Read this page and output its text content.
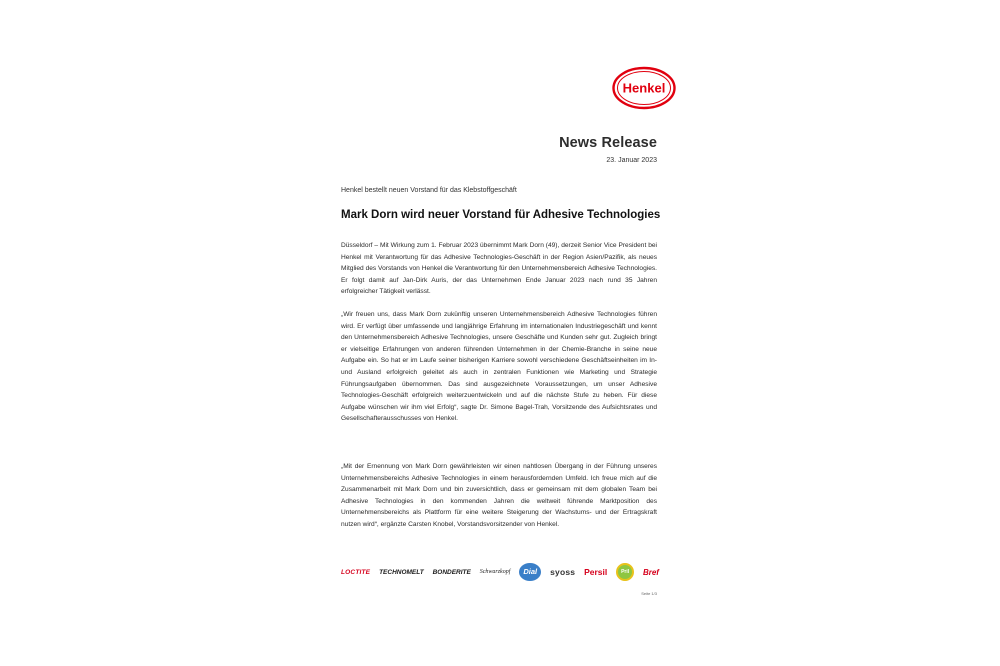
Henkel
News Release
23. Januar 2023
Henkel bestellt neuen Vorstand für das Klebstoffgeschäft
Mark Dorn wird neuer Vorstand für Adhesive Technologies

Düsseldorf – Mit Wirkung zum 1. Februar 2023 übernimmt Mark Dorn (49), derzeit Senior Vice President bei Henkel mit Verantwortung für das Adhesive Technologies-Geschäft in der Region Asien/Pazifik, als neues Mitglied des Vorstands von Henkel die Verantwortung für den Unternehmensbereich Adhesive Technologies. Er folgt damit auf Jan-Dirk Auris, der das Unternehmen Ende Januar 2023 nach rund 35 Jahren erfolgreicher Tätigkeit verlässt.

„Wir freuen uns, dass Mark Dorn zukünftig unseren Unternehmensbereich Adhesive Technologies führen wird. Er verfügt über umfassende und langjährige Erfahrung im internationalen Industriegeschäft und kennt den Unternehmensbereich Adhesive Technologies, unsere Geschäfte und Kunden sehr gut. Zugleich bringt er vielseitige Erfahrungen von anderen führenden Unternehmen in der Chemie-Branche in seine neue Aufgabe ein. So hat er im Laufe seiner bisherigen Karriere sowohl verschiedene Geschäftseinheiten im In- und Ausland erfolgreich geleitet als auch in zentralen Funktionen wie Marketing und Strategie Führungsaufgaben übernommen. Das sind ausgezeichnete Voraussetzungen, um unser Adhesive Technologies-Geschäft erfolgreich weiterzuentwickeln und auf die nächste Stufe zu heben. Für diese Aufgabe wünschen wir ihm viel Erfolg“, sagte Dr. Simone Bagel-Trah, Vorsitzende des Aufsichtsrates und Gesellschafterausschusses von Henkel.

„Mit der Ernennung von Mark Dorn gewährleisten wir einen nahtlosen Übergang in der Führung unseres Unternehmensbereichs Adhesive Technologies in einem herausfordernden Umfeld. Ich freue mich auf die Zusammenarbeit mit Mark Dorn und bin zuversichtlich, dass er gemeinsam mit dem globalen Team bei Adhesive Technologies in den kommenden Jahren die weltweit führende Marktposition des Unternehmensbereichs als Plattform für eine weitere Steigerung der Wachstums- und der Ertragskraft nutzen wird“, ergänzte Carsten Knobel, Vorstandsvorsitzender von Henkel.

LOCTITE TECHNOMELT BONDERITE Schwarzkopf	Dial	syoss Persil	Pril	Bref
Seite 1/3
